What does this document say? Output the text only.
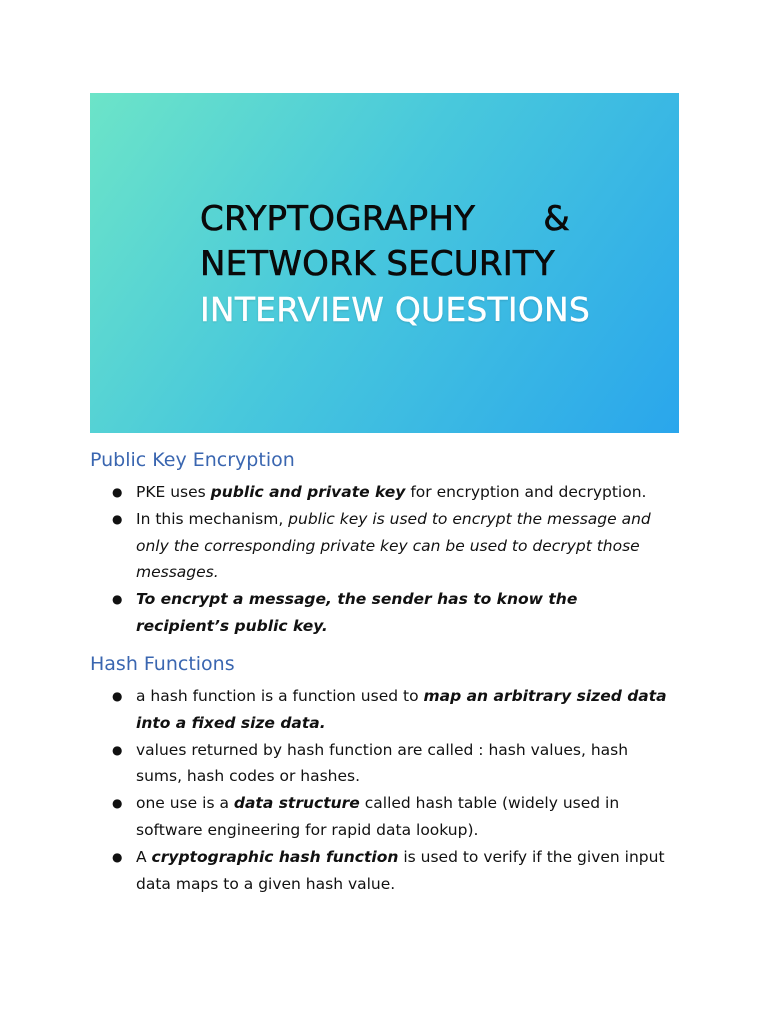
CRYPTOGRAPHY &
NETWORK SECURITY
INTERVIEW QUESTIONS
Public Key Encryption
● PKE uses public and private key for encryption and decryption.
● In this mechanism, public key is used to encrypt the message and only the corresponding private key can be used to decrypt those messages.
● To encrypt a message, the sender has to know the recipient’s public key.
Hash Functions
● a hash function is a function used to map an arbitrary sized data into a fixed size data.
● values returned by hash function are called : hash values, hash sums, hash codes or hashes.
● one use is a data structure called hash table (widely used in software engineering for rapid data lookup).
● A cryptographic hash function is used to verify if the given input data maps to a given hash value.
